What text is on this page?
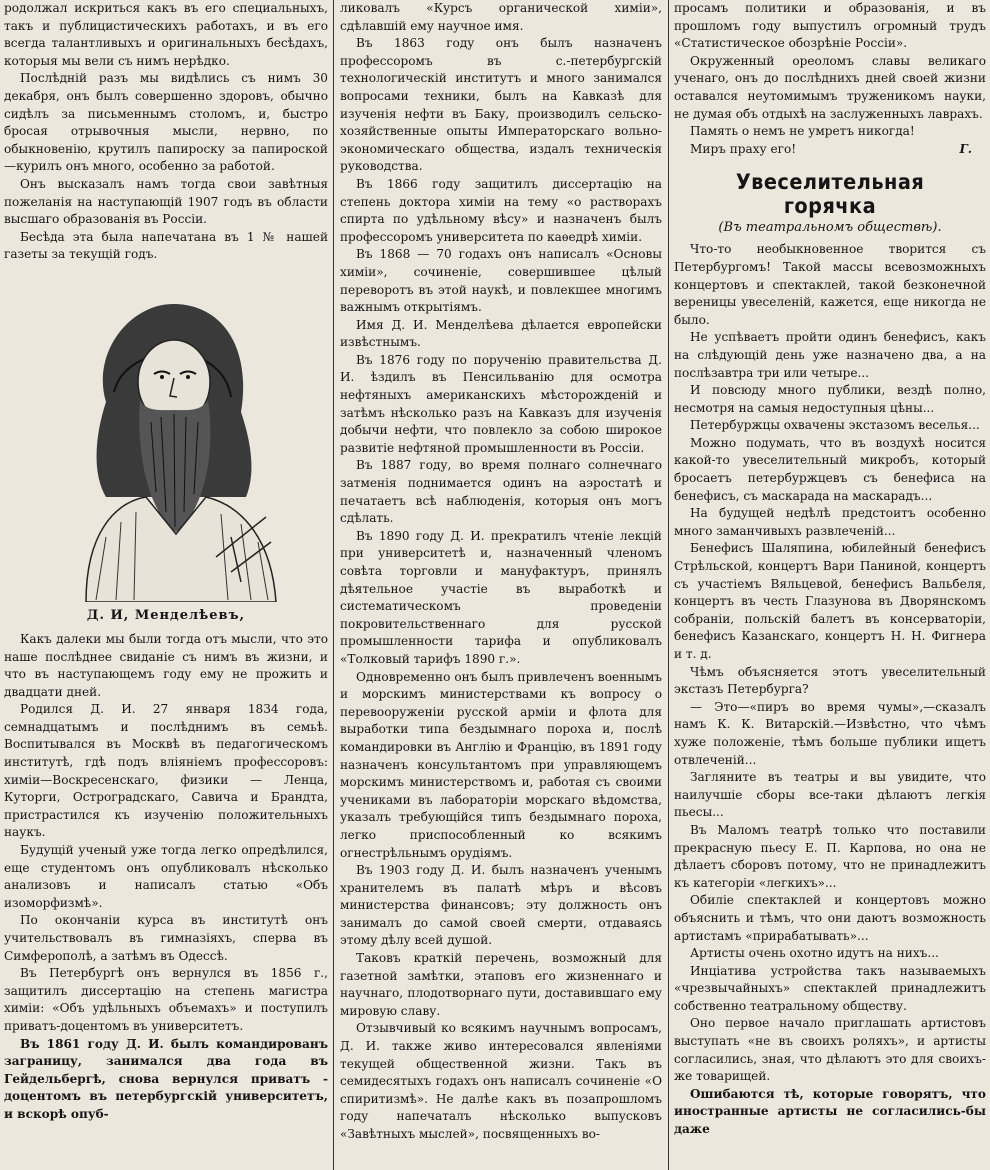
родолжал искриться какъ въ его специальныхъ, такъ и публицистическихъ работахъ, и въ его всегда талантливыхъ и оригинальныхъ бесѣдахъ, которыя мы вели съ нимъ нерѣдко.

Послѣдній разъ мы видѣлись съ нимъ 30 декабря, онъ былъ совершенно здоровъ, обычно сидѣлъ за письменнымъ столомъ, и, быстро бросая отрывочныя мысли, нервно, по обыкновенію, крутилъ папироску за папироской—курилъ онъ много, особенно за работой.

Онъ высказалъ намъ тогда свои завѣтныя пожеланія на наступающій 1907 годъ въ области высшаго образованія въ Россіи.

Бесѣда эта была напечатана въ 1 № нашей газеты за текущій годъ.

Д. И, Менделѣевъ,

Какъ далеки мы были тогда отъ мысли, что это наше послѣднее свиданіе съ нимъ въ жизни, и что въ наступающемъ году ему не прожить и двадцати дней.

Родился Д. И. 27 января 1834 года, семнадцатымъ и послѣднимъ въ семьѣ. Воспитывался въ Москвѣ въ педагогическомъ институтѣ, гдѣ подъ вліяніемъ профессоровъ: химіи—Воскресенскаго, физики — Ленца, Куторги, Остроградскаго, Савича и Брандта, пристрастился къ изученію положительныхъ наукъ.

Будущій ученый уже тогда легко опредѣлился, еще студентомъ онъ опубликовалъ нѣсколько анализовъ и написалъ статью «Объ изоморфизмѣ».

По окончаніи курса въ институтѣ онъ учительствовалъ въ гимназіяхъ, сперва въ Симферополѣ, а затѣмъ въ Одессѣ.

Въ Петербургѣ онъ вернулся въ 1856 г., защитилъ диссертацію на степень магистра химіи: «Объ удѣльныхъ объемахъ» и поступилъ приватъ-доцентомъ въ университетъ.

Въ 1861 году Д. И. былъ командированъ заграницу, занимался два года въ Гейдельбергѣ, снова вернулся приватъ - доцентомъ въ петербургскій университетъ, и вскорѣ опуб-

ликовалъ «Курсъ органической химіи», сдѣлавшій ему научное имя.

Въ 1863 году онъ былъ назначенъ профессоромъ въ с.-петербургскій технологическій институтъ и много занимался вопросами техники, былъ на Кавказѣ для изученія нефти въ Баку, производилъ сельско-хозяйственные опыты Императорскаго вольно-экономическаго общества, издалъ техническія руководства.

Въ 1866 году защитилъ диссертацію на степень доктора химіи на тему «о растворахъ спирта по удѣльному вѣсу» и назначенъ былъ профессоромъ университета по каѳедрѣ химіи.

Въ 1868 — 70 годахъ онъ написалъ «Основы химіи», сочиненіе, совершившее цѣлый переворотъ въ этой наукѣ, и повлекшее многимъ важнымъ открытіямъ.

Имя Д. И. Менделѣева дѣлается европейски извѣстнымъ.

Въ 1876 году по порученію правительства Д. И. ѣздилъ въ Пенсильванію для осмотра нефтяныхъ американскихъ мѣсторожденій и затѣмъ нѣсколько разъ на Кавказъ для изученія добычи нефти, что повлекло за собою широкое развитіе нефтяной промышленности въ Россіи.

Въ 1887 году, во время полнаго солнечнаго затменія поднимается одинъ на аэростатѣ и печатаетъ всѣ наблюденія, которыя онъ могъ сдѣлать.

Въ 1890 году Д. И. прекратилъ чтеніе лекцій при университетѣ и, назначенный членомъ совѣта торговли и мануфактуръ, принялъ дѣятельное участіе въ выработкѣ и систематическомъ проведеніи покровительственнаго для русской промышленности тарифа и опубликовалъ «Толковый тарифъ 1890 г.».

Одновременно онъ былъ привлеченъ военнымъ и морскимъ министерствами къ вопросу о перевооруженіи русской арміи и флота для выработки типа бездымнаго пороха и, послѣ командировки въ Англію и Францію, въ 1891 году назначенъ консультантомъ при управляющемъ морскимъ министерствомъ и, работая съ своими учениками въ лабораторіи морскаго вѣдомства, указалъ требующійся типъ бездымнаго пороха, легко приспособленный ко всякимъ огнестрѣльнымъ орудіямъ.

Въ 1903 году Д. И. былъ назначенъ ученымъ хранителемъ въ палатѣ мѣръ и вѣсовъ министерства финансовъ; эту должность онъ занималъ до самой своей смерти, отдаваясь этому дѣлу всей душой.

Таковъ краткій перечень, возможный для газетной замѣтки, этаповъ его жизненнаго и научнаго, плодотворнаго пути, доставившаго ему мировую славу.

Отзывчивый ко всякимъ научнымъ вопросамъ, Д. И. также живо интересовался явленіями текущей общественной жизни. Такъ въ семидесятыхъ годахъ онъ написалъ сочиненіе «О спиритизмѣ». Не далѣе какъ въ позапрошломъ году напечаталъ нѣсколько выпусковъ «Завѣтныхъ мыслей», посвященныхъ во-

просамъ политики и образованія, и въ прошломъ году выпустилъ огромный трудъ «Статистическое обозрѣніе Россіи».

Окруженный ореоломъ славы великаго ученаго, онъ до послѣднихъ дней своей жизни оставался неутомимымъ труженикомъ науки, не думая объ отдыхѣ на заслуженныхъ лаврахъ.

Память о немъ не умретъ никогда!

Миръ праху его!	Г.
Увеселительная горячка
(Въ театральномъ обществѣ).

Что-то необыкновенное творится съ Петербургомъ! Такой массы всевозможныхъ концертовъ и спектаклей, такой безконечной вереницы увеселеній, кажется, еще никогда не было.

Не успѣваетъ пройти одинъ бенефисъ, какъ на слѣдующій день уже назначено два, а на послѣзавтра три или четыре...

И повсюду много публики, вездѣ полно, несмотря на самыя недоступныя цѣны...

Петербуржцы охвачены экстазомъ веселья...

Можно подумать, что въ воздухѣ носится какой-то увеселительный микробъ, который бросаетъ петербуржцевъ съ бенефиса на бенефисъ, съ маскарада на маскарадъ...

На будущей недѣлѣ предстоитъ особенно много заманчивыхъ развлеченій...

Бенефисъ Шаляпина, юбилейный бенефисъ Стрѣльской, концертъ Вари Паниной, концертъ съ участіемъ Вяльцевой, бенефисъ Вальбеля, концертъ въ честь Глазунова въ Дворянскомъ собраніи, польскій балетъ въ консерваторіи, бенефисъ Казанскаго, концертъ Н. Н. Фигнера и т. д.

Чѣмъ объясняется этотъ увеселительный экстазъ Петербурга?

— Это—«пиръ во время чумы»,—сказалъ намъ К. К. Витарскій.—Извѣстно, что чѣмъ хуже положеніе, тѣмъ больше публики ищетъ отвлеченій...

Загляните въ театры и вы увидите, что наилучшіе сборы все-таки дѣлаютъ легкія пьесы...

Въ Маломъ театрѣ только что поставили прекрасную пьесу Е. П. Карпова, но она не дѣлаетъ сборовъ потому, что не принадлежитъ къ категоріи «легкихъ»...

Обиліе спектаклей и концертовъ можно объяснить и тѣмъ, что они даютъ возможность артистамъ «прирабатывать»...

Артисты очень охотно идутъ на нихъ...

Инціатива устройства такъ называемыхъ «чрезвычайныхъ» спектаклей принадлежитъ собственно театральному обществу.

Оно первое начало приглашать артистовъ выступать «не въ своихъ роляхъ», и артисты согласились, зная, что дѣлаютъ это для своихъ-же товарищей.

Ошибаются тѣ, которые говорятъ, что иностранные артисты не согласились-бы даже
